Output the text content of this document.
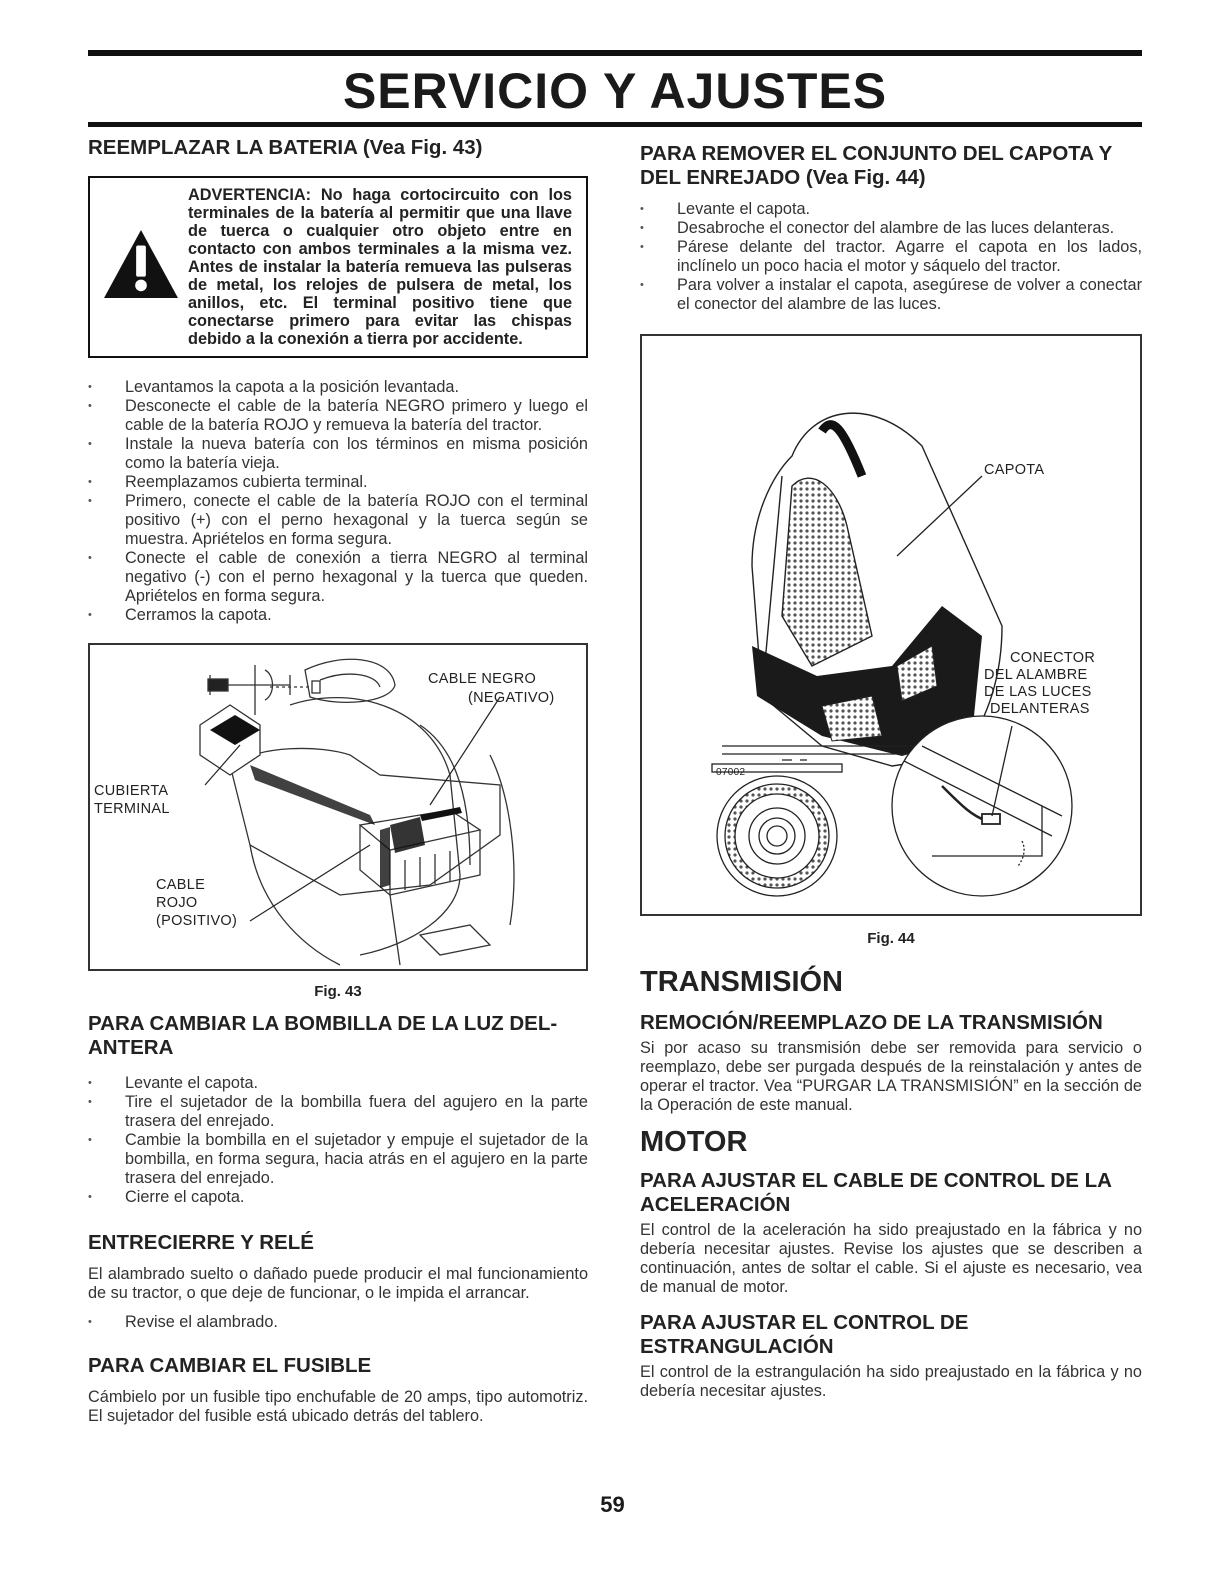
SERVICIO Y AJUSTES
REEMPLAZAR LA BATERIA (Vea Fig. 43)
ADVERTENCIA: No haga cortocircuito con los terminales de la batería al permitir que una llave de tuerca o cualquier otro objeto entre en contacto con ambos terminales a la misma vez. Antes de instalar la batería remueva las pulseras de metal, los relojes de pulsera de metal, los anillos, etc. El terminal positivo tiene que conectarse primero para evitar las chispas debido a la conexión a tierra por accidente.
• Levantamos la capota a la posición levantada.
• Desconecte el cable de la batería NEGRO primero y luego el cable de la batería ROJO y remueva la batería del tractor.
• Instale la nueva batería con los términos en misma posición como la batería vieja.
• Reemplazamos cubierta terminal.
• Primero, conecte el cable de la batería ROJO con el terminal positivo (+) con el perno hexagonal y la tuerca según se muestra. Apriételos en forma segura.
• Conecte el cable de conexión a tierra NEGRO al terminal negativo (-) con el perno hexagonal y la tuerca que queden. Apriételos en forma segura.
• Cerramos la capota.
CABLE NEGRO
(NEGATIVO)
CUBIERTA
TERMINAL
CABLE
ROJO
(POSITIVO)
Fig. 43
PARA CAMBIAR LA BOMBILLA DE LA LUZ DEL-ANTERA
• Levante el capota.
• Tire el sujetador de la bombilla fuera del agujero en la parte trasera del enrejado.
• Cambie la bombilla en el sujetador y empuje el sujetador de la bombilla, en forma segura, hacia atrás en el agujero en la parte trasera del enrejado.
• Cierre el capota.
ENTRECIERRE Y RELÉ

El alambrado suelto o dañado puede producir el mal funcionamiento de su tractor, o que deje de funcionar, o le impida el arrancar.

• Revise el alambrado.
PARA CAMBIAR EL FUSIBLE

Cámbielo por un fusible tipo enchufable de 20 amps, tipo automotriz. El sujetador del fusible está ubicado detrás del tablero.

PARA REMOVER EL CONJUNTO DEL CAPOTA Y DEL ENREJADO (Vea Fig. 44)
• Levante el capota.
• Desabroche el conector del alambre de las luces delanteras.
• Párese delante del tractor. Agarre el capota en los lados, inclínelo un poco hacia el motor y sáquelo del tractor.
• Para volver a instalar el capota, asegúrese de volver a conectar el conector del alambre de las luces.
CAPOTA
CONECTOR
DEL ALAMBRE
DE LAS LUCES
DELANTERAS
07002
Fig. 44
TRANSMISIÓN
REMOCIÓN/REEMPLAZO DE LA TRANSMISIÓN

Si por acaso su transmisión debe ser removida para servicio o reemplazo, debe ser purgada después de la reinstalación y antes de operar el tractor. Vea “PURGAR LA TRANSMISIÓN” en la sección de la Operación de este manual.

MOTOR
PARA AJUSTAR EL CABLE DE CONTROL DE LA ACELERACIÓN

El control de la aceleración ha sido preajustado en la fábrica y no debería necesitar ajustes. Revise los ajustes que se describen a continuación, antes de soltar el cable. Si el ajuste es necesario, vea de manual de motor.

PARA AJUSTAR EL CONTROL DE ESTRANGULACIÓN

El control de la estrangulación ha sido preajustado en la fábrica y no debería necesitar ajustes.

59
